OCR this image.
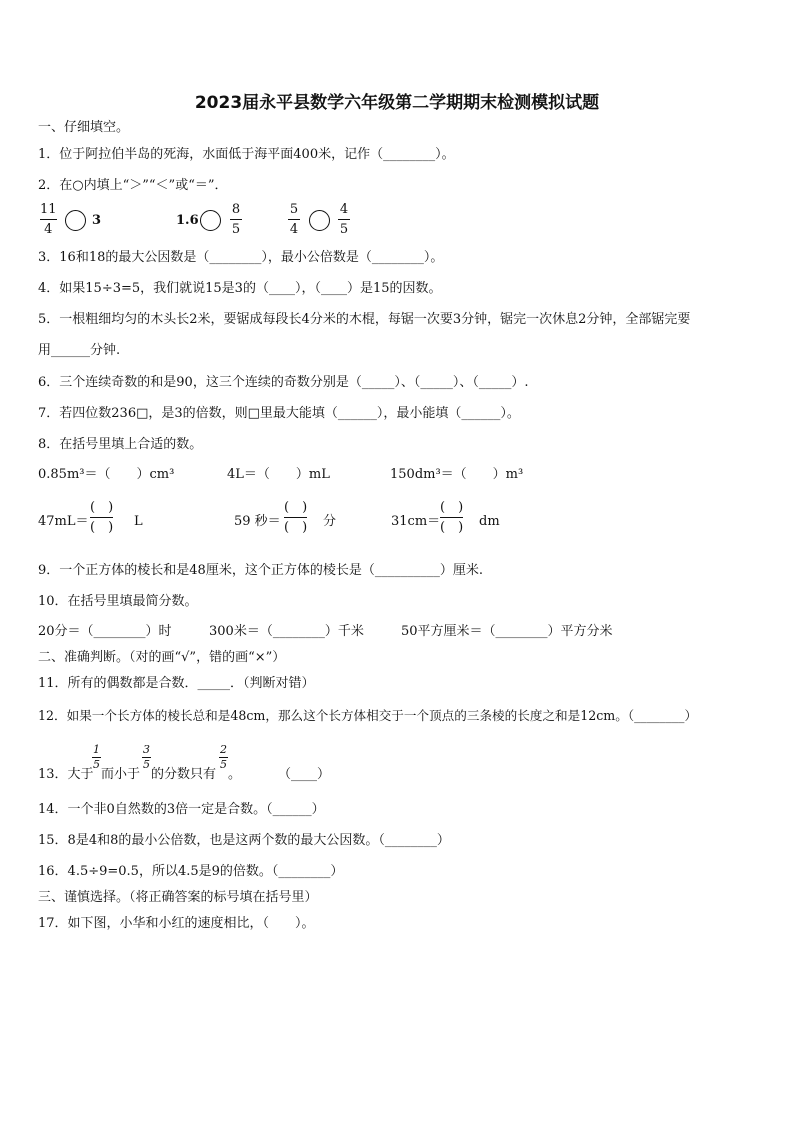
2023届永平县数学六年级第二学期期末检测模拟试题
一、仔细填空。
1．位于阿拉伯半岛的死海，水面低于海平面400米，记作（________）。
2．在○内填上“＞”“＜”或“＝”．
11
4
3	1.6
8
5
5
4
4
5
3．16和18的最大公因数是（________），最小公倍数是（________）。
4．如果15÷3=5，我们就说15是3的（____），（____）是15的因数。
5．一根粗细均匀的木头长2米，要锯成每段长4分米的木棍，每锯一次要3分钟，锯完一次休息2分钟，全部锯完要
用______分钟.
6．三个连续奇数的和是90，这三个连续的奇数分别是（_____）、（_____）、（_____）.
7．若四位数236□，是3的倍数，则□里最大能填（______），最小能填（______）。
8．在括号里填上合适的数。
0.85m³＝（　　）cm³	4L＝（　　）mL	150dm³＝（　　）m³
47mL＝
(　)
(　) L	59 秒＝
(　)
(　) 分	31cm＝
(　)
(　) dm
9．一个正方体的棱长和是48厘米，这个正方体的棱长是（__________）厘米.
10．在括号里填最简分数。
20分＝（________）时	300米＝（________）千米	50平方厘米＝（________）平方分米
二、准确判断。（对的画“√”，错的画“×”）
11．所有的偶数都是合数．_____．（判断对错）
12．如果一个长方体的棱长总和是48cm，那么这个长方体相交于一个顶点的三条棱的长度之和是12cm。（________）
13．大于
1
5
而小于
3
5
的分数只有
2
5
。	（____）
14．一个非0自然数的3倍一定是合数。（______）
15．8是4和8的最小公倍数，也是这两个数的最大公因数。（________）
16．4.5÷9=0.5，所以4.5是9的倍数。（________）
三、谨慎选择。（将正确答案的标号填在括号里）
17．如下图，小华和小红的速度相比，（　　）。
